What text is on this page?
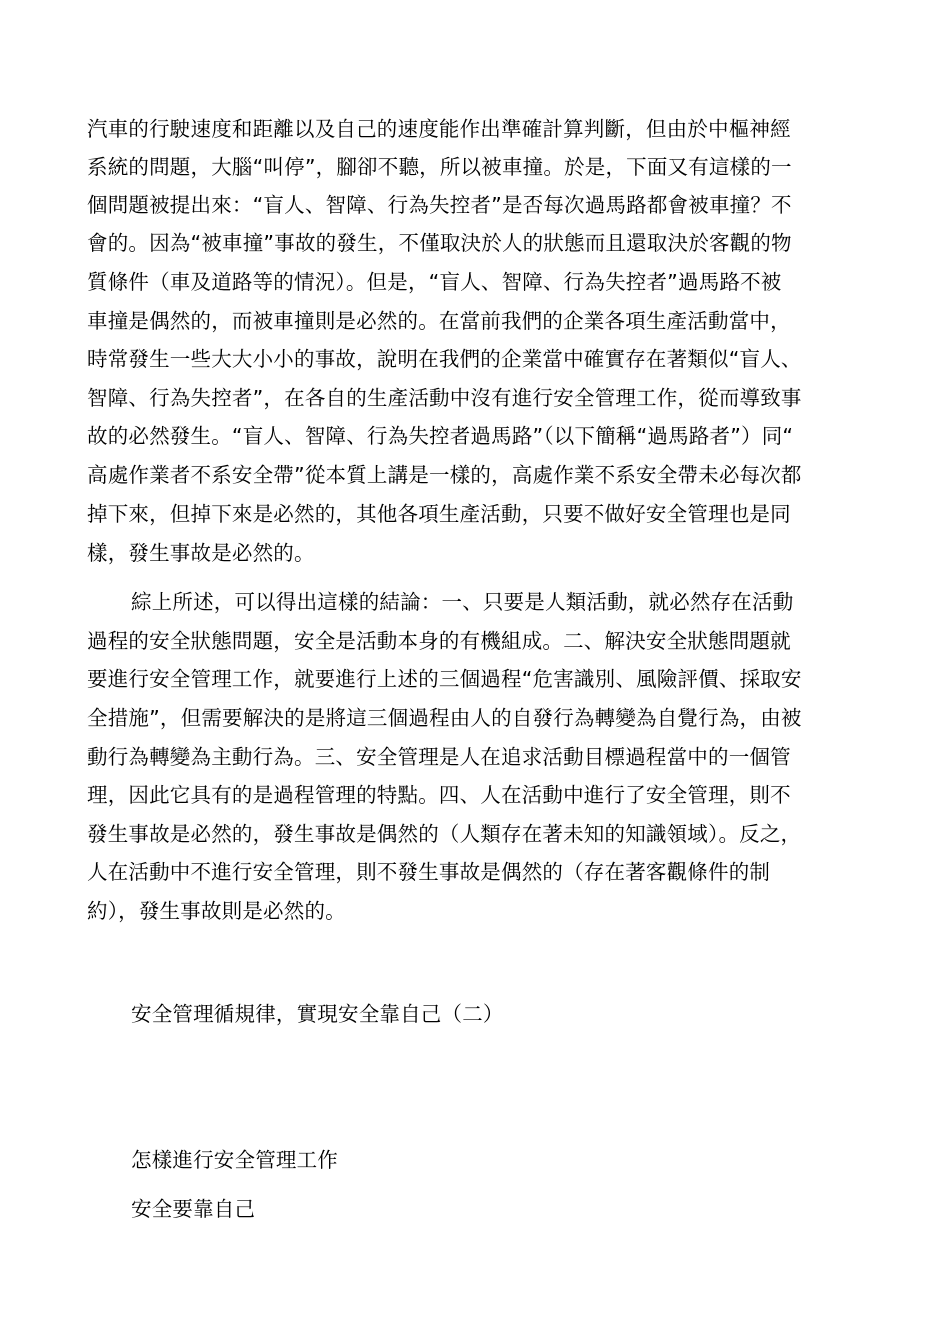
汽車的行駛速度和距離以及自己的速度能作出準確計算判斷，但由於中樞神經
系統的問題，大腦“叫停”，腳卻不聽，所以被車撞。於是，下面又有這樣的一
個問題被提出來：“盲人、智障、行為失控者”是否每次過馬路都會被車撞？不
會的。因為“被車撞”事故的發生，不僅取決於人的狀態而且還取決於客觀的物
質條件（車及道路等的情況）。但是，“盲人、智障、行為失控者”過馬路不被
車撞是偶然的，而被車撞則是必然的。在當前我們的企業各項生產活動當中，
時常發生一些大大小小的事故，說明在我們的企業當中確實存在著類似“盲人、
智障、行為失控者”，在各自的生產活動中沒有進行安全管理工作，從而導致事
故的必然發生。“盲人、智障、行為失控者過馬路”（以下簡稱“過馬路者”）同“
高處作業者不系安全帶”從本質上講是一樣的，高處作業不系安全帶未必每次都
掉下來，但掉下來是必然的，其他各項生產活動，只要不做好安全管理也是同
樣，發生事故是必然的。
綜上所述，可以得出這樣的結論：一、只要是人類活動，就必然存在活動
過程的安全狀態問題，安全是活動本身的有機組成。二、解決安全狀態問題就
要進行安全管理工作，就要進行上述的三個過程“危害識別、風險評價、採取安
全措施”，但需要解決的是將這三個過程由人的自發行為轉變為自覺行為，由被
動行為轉變為主動行為。三、安全管理是人在追求活動目標過程當中的一個管
理，因此它具有的是過程管理的特點。四、人在活動中進行了安全管理，則不
發生事故是必然的，發生事故是偶然的（人類存在著未知的知識領域）。反之，
人在活動中不進行安全管理，則不發生事故是偶然的（存在著客觀條件的制
約），發生事故則是必然的。
安全管理循規律，實現安全靠自己（二）
怎樣進行安全管理工作
安全要靠自己
